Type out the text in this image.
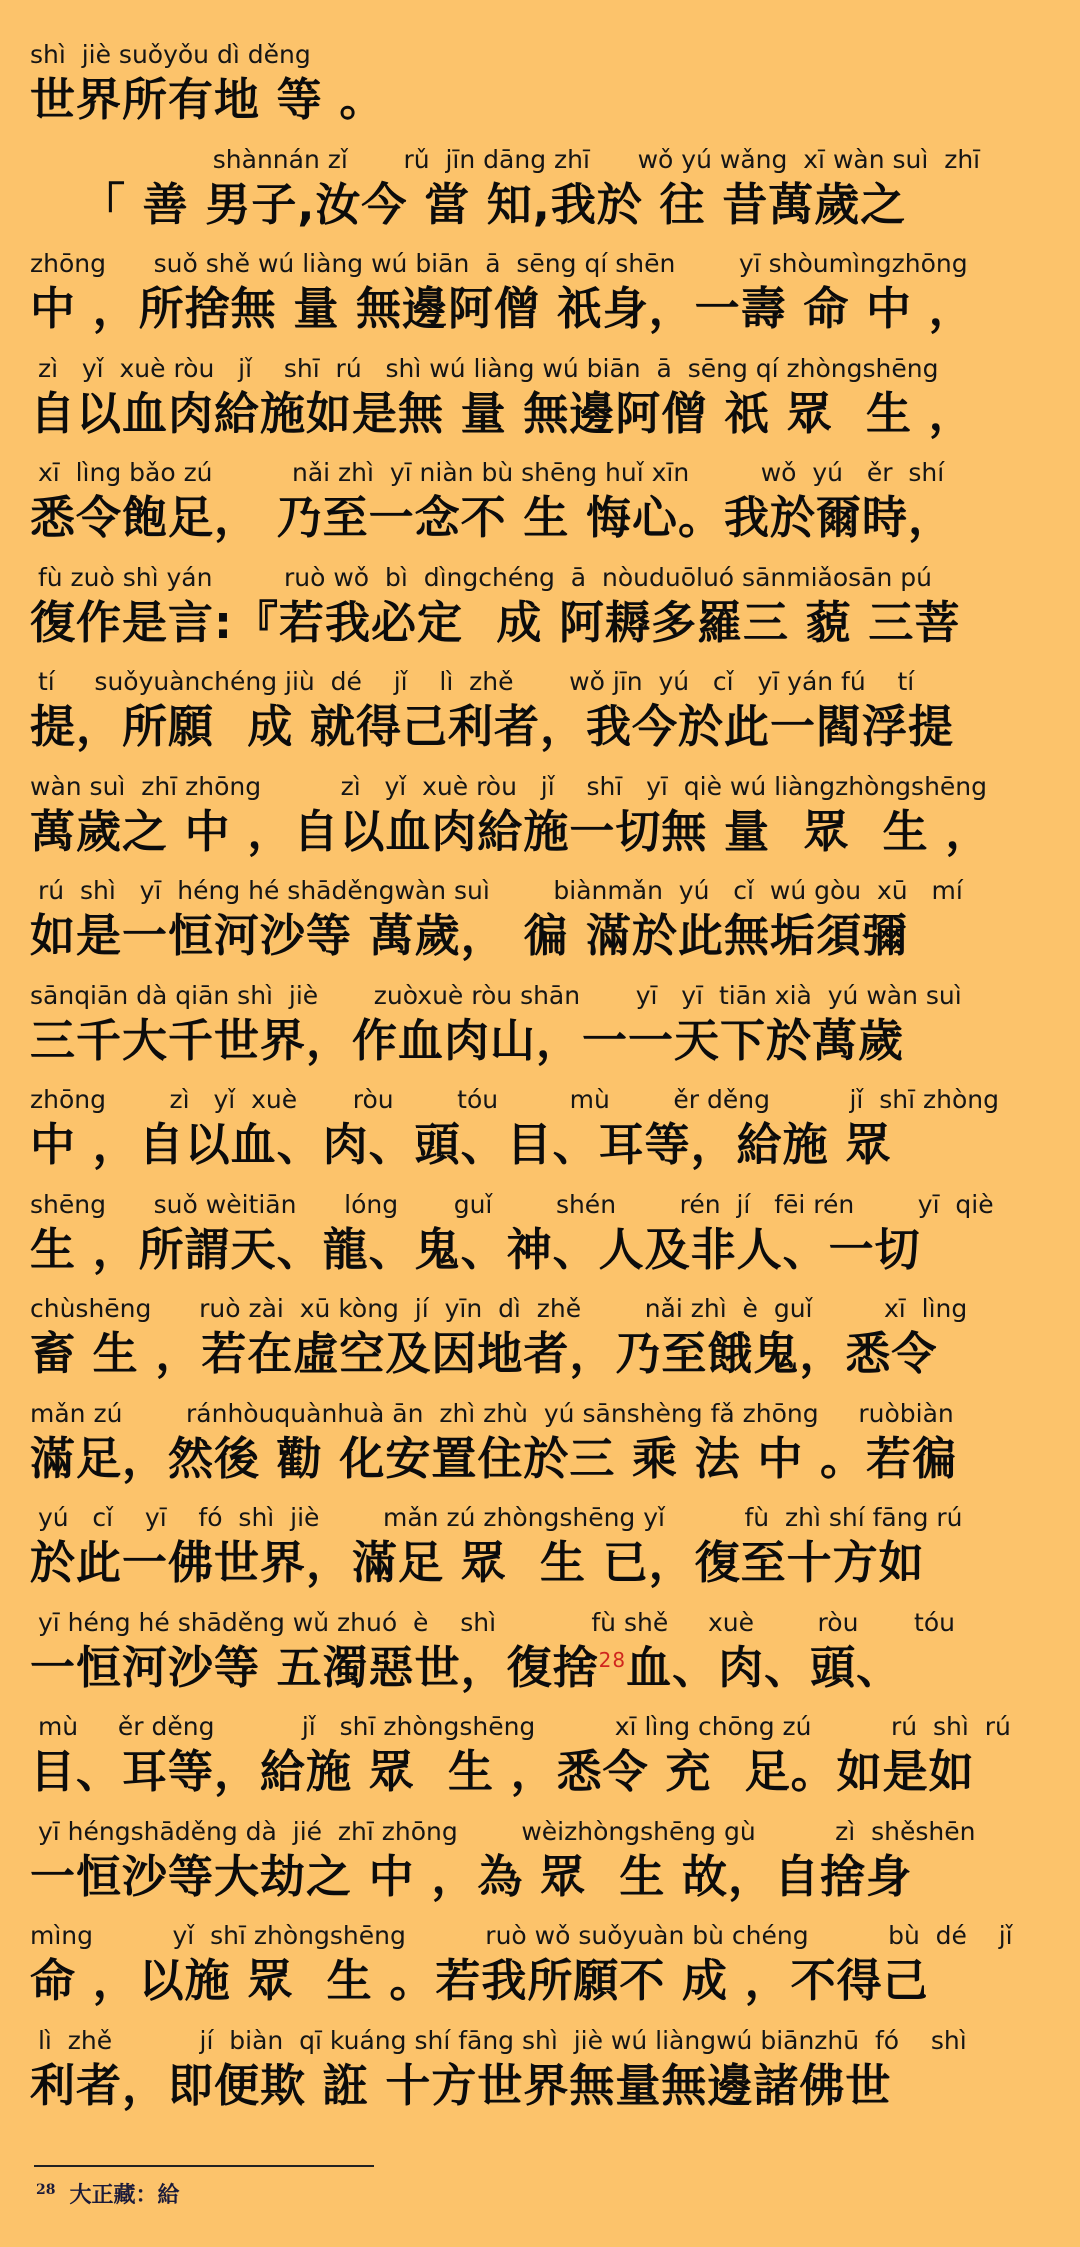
shì  jiè suǒyǒu dì děng
世界所有地 等 。
shànnán zǐ       rǔ  jīn dāng zhī      wǒ yú wǎng  xī wàn suì  zhī
「 善 男子,汝今 當 知,我於 往 昔萬歲之
zhōng      suǒ shě wú liàng wú biān  ā  sēng qí shēn        yī shòumìngzhōng
中 ，所捨無 量 無邊阿僧 祇身，一壽 命 中 ，
zì   yǐ  xuè ròu   jǐ    shī  rú   shì wú liàng wú biān  ā  sēng qí zhòngshēng
自以血肉給施如是無 量 無邊阿僧 祇 眾  生 ，
xī  lìng bǎo zú          nǎi zhì  yī niàn bù shēng huǐ xīn         wǒ  yú   ěr  shí
悉令飽足， 乃至一念不 生 悔心。我於爾時，
fù zuò shì yán         ruò wǒ  bì  dìngchéng  ā  nòuduōluó sānmiǎosān pú
復作是言:『若我必定  成 阿耨多羅三 藐 三菩
tí     suǒyuànchéng jiù  dé    jǐ    lì  zhě       wǒ jīn  yú   cǐ   yī yán fú    tí
提，所願  成 就得己利者，我今於此一閻浮提
wàn suì  zhī zhōng          zì   yǐ  xuè ròu   jǐ    shī   yī  qiè wú liàngzhòngshēng
萬歲之 中 ，自以血肉給施一切無 量  眾  生 ，
rú  shì   yī  héng hé shāděngwàn suì        biànmǎn  yú   cǐ  wú gòu  xū   mí
如是一恒河沙等 萬歲， 徧 滿於此無垢須彌
sānqiān dà qiān shì  jiè       zuòxuè ròu shān       yī   yī  tiān xià  yú wàn suì
三千大千世界，作血肉山，一一天下於萬歲
zhōng        zì   yǐ  xuè       ròu        tóu         mù        ěr děng          jǐ  shī zhòng
中 ，自以血、肉、頭、目、耳等，給施 眾
shēng      suǒ wèitiān      lóng       guǐ        shén        rén  jí   fēi rén        yī  qiè
生 ，所謂天、龍、鬼、神、人及非人、一切
chùshēng      ruò zài  xū kòng  jí  yīn  dì  zhě        nǎi zhì  è  guǐ         xī  lìng
畜 生 ，若在虛空及因地者，乃至餓鬼，悉令
mǎn zú        ránhòuquànhuà ān  zhì zhù  yú sānshèng fǎ zhōng     ruòbiàn
滿足，然後 勸 化安置住於三 乘 法 中 。若徧
yú   cǐ    yī    fó  shì  jiè        mǎn zú zhòngshēng yǐ          fù  zhì shí fāng rú
於此一佛世界，滿足 眾  生 已，復至十方如
yī héng hé shāděng wǔ zhuó  è    shì            fù shě     xuè        ròu       tóu
一恒河沙等 五濁惡世，復捨$^{28}$血、肉、頭、
mù     ěr děng           jǐ   shī zhòngshēng          xī lìng chōng zú          rú  shì  rú
目、耳等，給施 眾  生 ，悉令 充  足。如是如
yī héngshāděng dà  jié  zhī zhōng        wèizhòngshēng gù          zì  shěshēn
一恒沙等大劫之 中 ，為 眾  生 故，自捨身
mìng          yǐ  shī zhòngshēng          ruò wǒ suǒyuàn bù chéng          bù  dé    jǐ
命 ，以施 眾  生 。若我所願不 成 ，不得己
lì  zhě           jí  biàn  qī kuáng shí fāng shì  jiè wú liàngwú biānzhū  fó    shì
利者，即便欺 誑 十方世界無量無邊諸佛世
$^{28}$ 大正藏：給
